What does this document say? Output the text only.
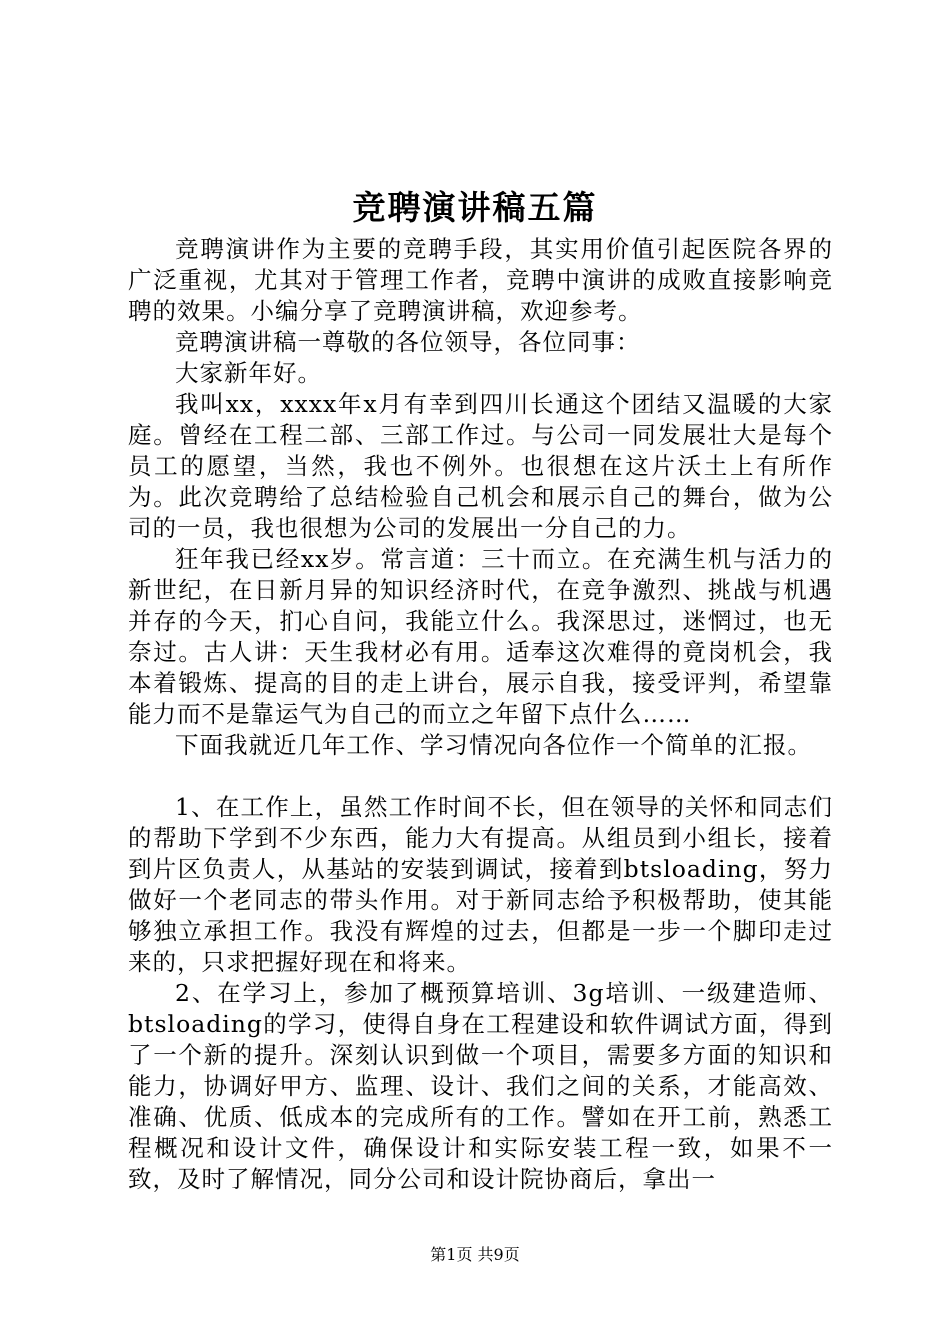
竞聘演讲稿五篇

竞聘演讲作为主要的竞聘手段，其实用价值引起医院各界的广泛重视，尤其对于管理工作者，竞聘中演讲的成败直接影响竞聘的效果。小编分享了竞聘演讲稿，欢迎参考。

竞聘演讲稿一尊敬的各位领导，各位同事：

大家新年好。

我叫xx，xxxx年x月有幸到四川长通这个团结又温暖的大家庭。曾经在工程二部、三部工作过。与公司一同发展壮大是每个员工的愿望，当然，我也不例外。也很想在这片沃土上有所作为。此次竞聘给了总结检验自己机会和展示自己的舞台，做为公司的一员，我也很想为公司的发展出一分自己的力。

狂年我已经xx岁。常言道：三十而立。在充满生机与活力的新世纪，在日新月异的知识经济时代，在竞争激烈、挑战与机遇并存的今天，扪心自问，我能立什么。我深思过，迷惘过，也无奈过。古人讲：天生我材必有用。适奉这次难得的竟岗机会，我本着锻炼、提高的目的走上讲台，展示自我，接受评判，希望靠能力而不是靠运气为自己的而立之年留下点什么……

下面我就近几年工作、学习情况向各位作一个简单的汇报。

1、在工作上，虽然工作时间不长，但在领导的关怀和同志们的帮助下学到不少东西，能力大有提高。从组员到小组长，接着到片区负责人，从基站的安装到调试，接着到btsloading，努力做好一个老同志的带头作用。对于新同志给予积极帮助，使其能够独立承担工作。我没有辉煌的过去，但都是一步一个脚印走过来的，只求把握好现在和将来。

2、在学习上，参加了概预算培训、3g培训、一级建造师、btsloading的学习，使得自身在工程建设和软件调试方面，得到了一个新的提升。深刻认识到做一个项目，需要多方面的知识和能力，协调好甲方、监理、设计、我们之间的关系，才能高效、准确、优质、低成本的完成所有的工作。譬如在开工前，熟悉工程概况和设计文件，确保设计和实际安装工程一致，如果不一致，及时了解情况，同分公司和设计院协商后，拿出一

第1页 共9页
